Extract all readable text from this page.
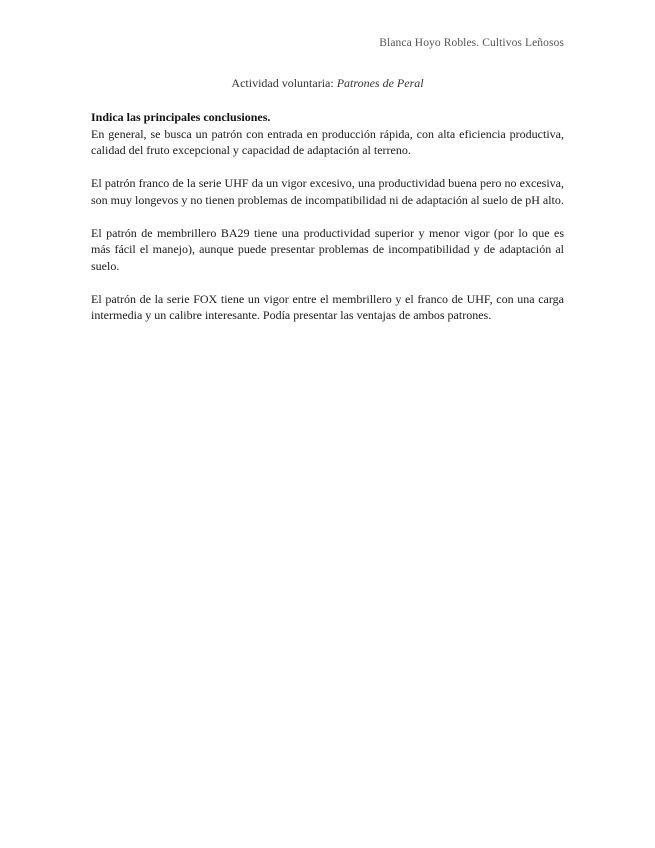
Blanca Hoyo Robles. Cultivos Leñosos
Actividad voluntaria: Patrones de Peral

Indica las principales conclusiones.

En general, se busca un patrón con entrada en producción rápida, con alta eficiencia productiva, calidad del fruto excepcional y capacidad de adaptación al terreno.

El patrón franco de la serie UHF da un vigor excesivo, una productividad buena pero no excesiva, son muy longevos y no tienen problemas de incompatibilidad ni de adaptación al suelo de pH alto.

El patrón de membrillero BA29 tiene una productividad superior y menor vigor (por lo que es más fácil el manejo), aunque puede presentar problemas de incompatibilidad y de adaptación al suelo.

El patrón de la serie FOX tiene un vigor entre el membrillero y el franco de UHF, con una carga intermedia y un calibre interesante. Podía presentar las ventajas de ambos patrones.
